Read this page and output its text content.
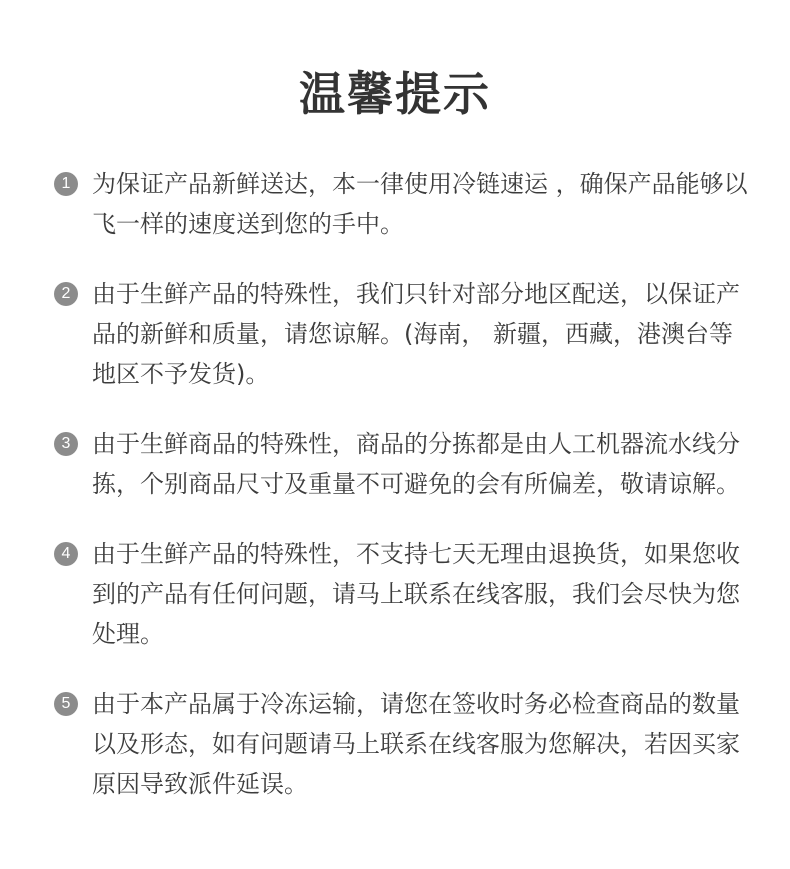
温馨提示
1 为保证产品新鲜送达，本一律使用冷链速运 ，确保产品能够以飞一样的速度送到您的手中。
2 由于生鲜产品的特殊性，我们只针对部分地区配送，以保证产品的新鲜和质量，请您谅解。(海南， 新疆，西藏，港澳台等地区不予发货)。
3 由于生鲜商品的特殊性，商品的分拣都是由人工机器流水线分拣，个别商品尺寸及重量不可避免的会有所偏差，敬请谅解。
4 由于生鲜产品的特殊性，不支持七天无理由退换货，如果您收到的产品有任何问题，请马上联系在线客服，我们会尽快为您处理。
5 由于本产品属于冷冻运输，请您在签收时务必检查商品的数量以及形态，如有问题请马上联系在线客服为您解决，若因买家原因导致派件延误。
